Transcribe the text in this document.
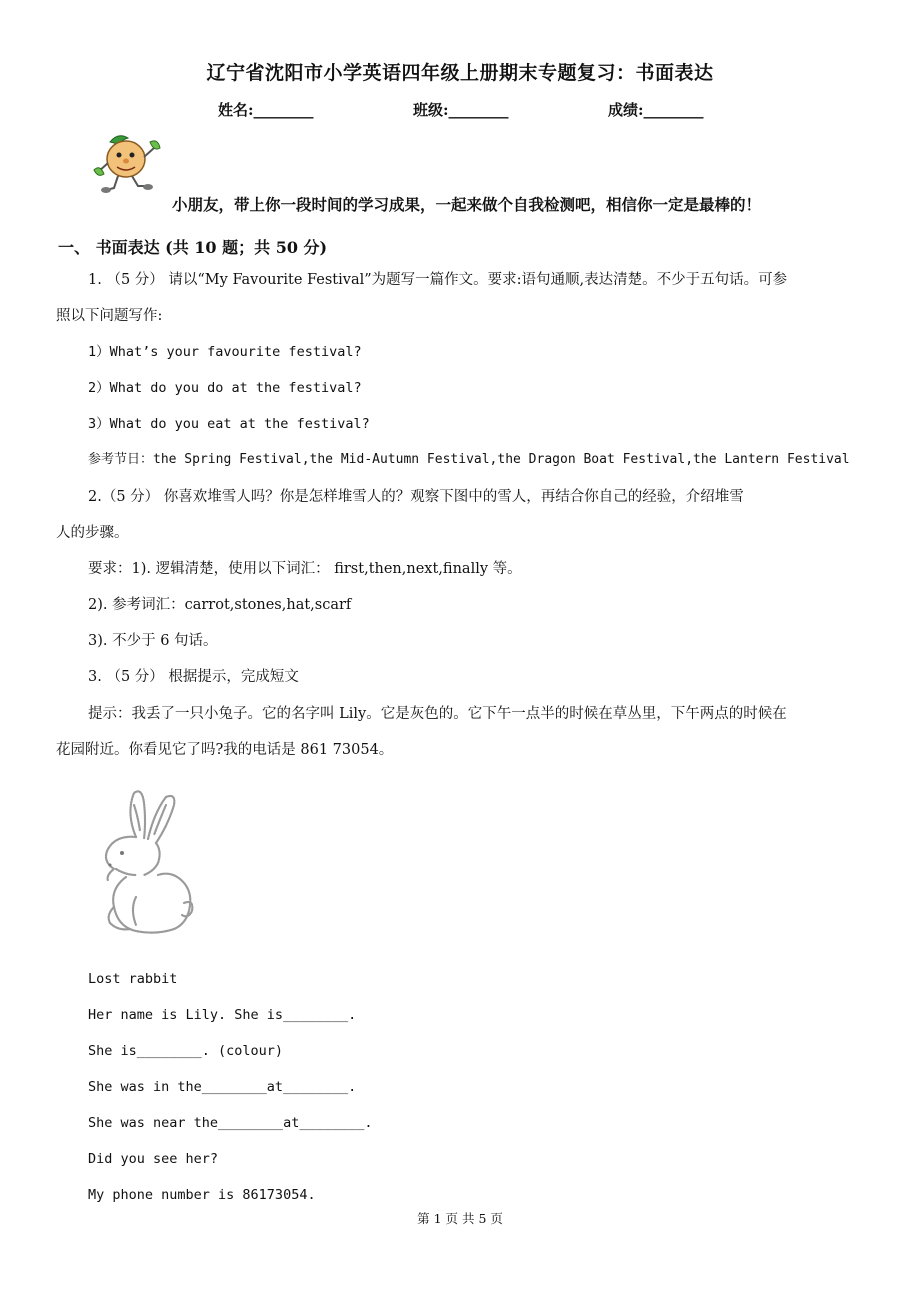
辽宁省沈阳市小学英语四年级上册期末专题复习：书面表达
姓名:________	班级:________	成绩:________
小朋友，带上你一段时间的学习成果，一起来做个自我检测吧，相信你一定是最棒的！
一、 书面表达 (共 10 题；共 50 分)
1. （5 分） 请以“My Favourite Festival”为题写一篇作文。要求:语句通顺,表达清楚。不少于五句话。可参
照以下问题写作:
1）What’s your favourite festival?
2）What do you do at the festival?
3）What do you eat at the festival?
参考节日：the Spring Festival,the Mid-Autumn Festival,the Dragon Boat Festival,the Lantern Festival
2.（5 分） 你喜欢堆雪人吗？你是怎样堆雪人的？观察下图中的雪人，再结合你自己的经验，介绍堆雪
人的步骤。
要求：1). 逻辑清楚，使用以下词汇： first,then,next,finally 等。
2). 参考词汇：carrot,stones,hat,scarf
3). 不少于 6 句话。
3. （5 分） 根据提示，完成短文
提示：我丢了一只小兔子。它的名字叫 Lily。它是灰色的。它下午一点半的时候在草丛里，下午两点的时候在
花园附近。你看见它了吗?我的电话是 861 73054。
Lost rabbit
Her name is Lily. She is________.
She is________. (colour)
She was in the________at________.
She was near the________at________.
Did you see her?
My phone number is 86173054.
第 1 页 共 5 页
